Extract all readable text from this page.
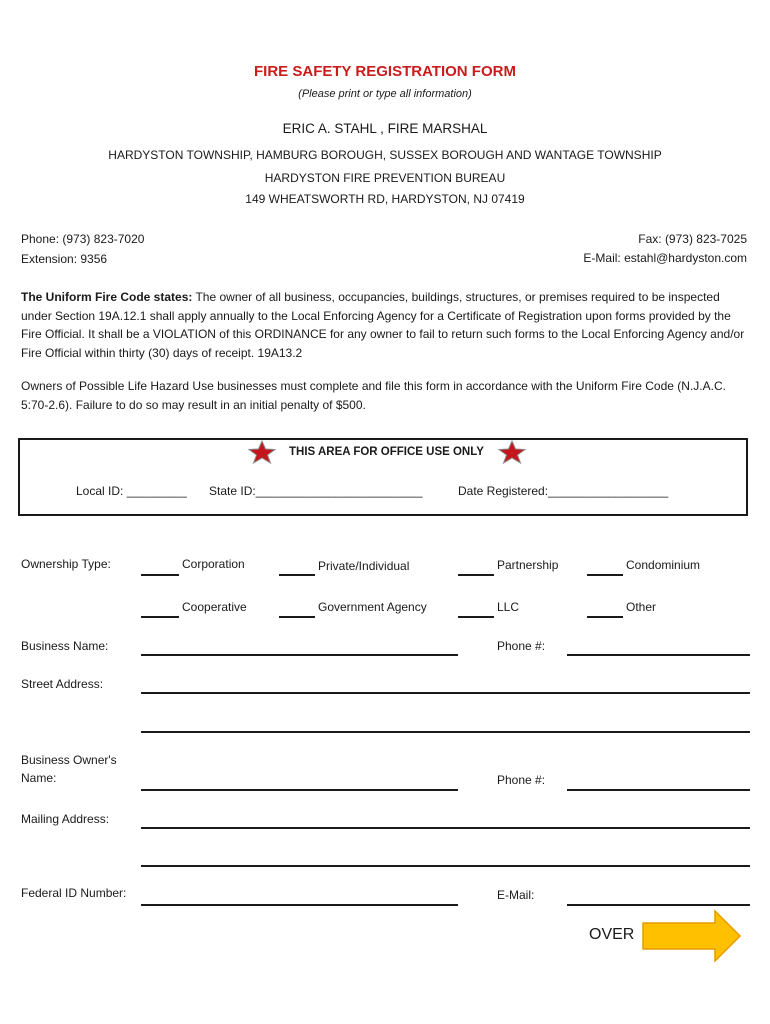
FIRE SAFETY REGISTRATION FORM
(Please print or type all information)
ERIC A. STAHL , FIRE MARSHAL
HARDYSTON TOWNSHIP, HAMBURG BOROUGH, SUSSEX BOROUGH AND WANTAGE TOWNSHIP
HARDYSTON FIRE PREVENTION BUREAU
149 WHEATSWORTH RD, HARDYSTON, NJ 07419
Phone: (973) 823-7020
Extension: 9356
Fax: (973) 823-7025
E-Mail: estahl@hardyston.com
The Uniform Fire Code states: The owner of all business, occupancies, buildings, structures, or premises required to be inspected under Section 19A.12.1 shall apply annually to the Local Enforcing Agency for a Certificate of Registration upon forms provided by the Fire Official. It shall be a VIOLATION of this ORDINANCE for any owner to fail to return such forms to the Local Enforcing Agency and/or Fire Official within thirty (30) days of receipt. 19A13.2
Owners of Possible Life Hazard Use businesses must complete and file this form in accordance with the Uniform Fire Code (N.J.A.C. 5:70-2.6). Failure to do so may result in an initial penalty of $500.
THIS AREA FOR OFFICE USE ONLY
Local ID: _________ State ID:_________________________	Date Registered:__________________
Ownership Type:	Corporation	Private/Individual	Partnership	Condominium
Cooperative	Government Agency	LLC	Other
Business Name:	Phone #:
Street Address:
Business Owner's
Name:	Phone #:
Mailing Address:
Federal ID Number:	E-Mail:
OVER
